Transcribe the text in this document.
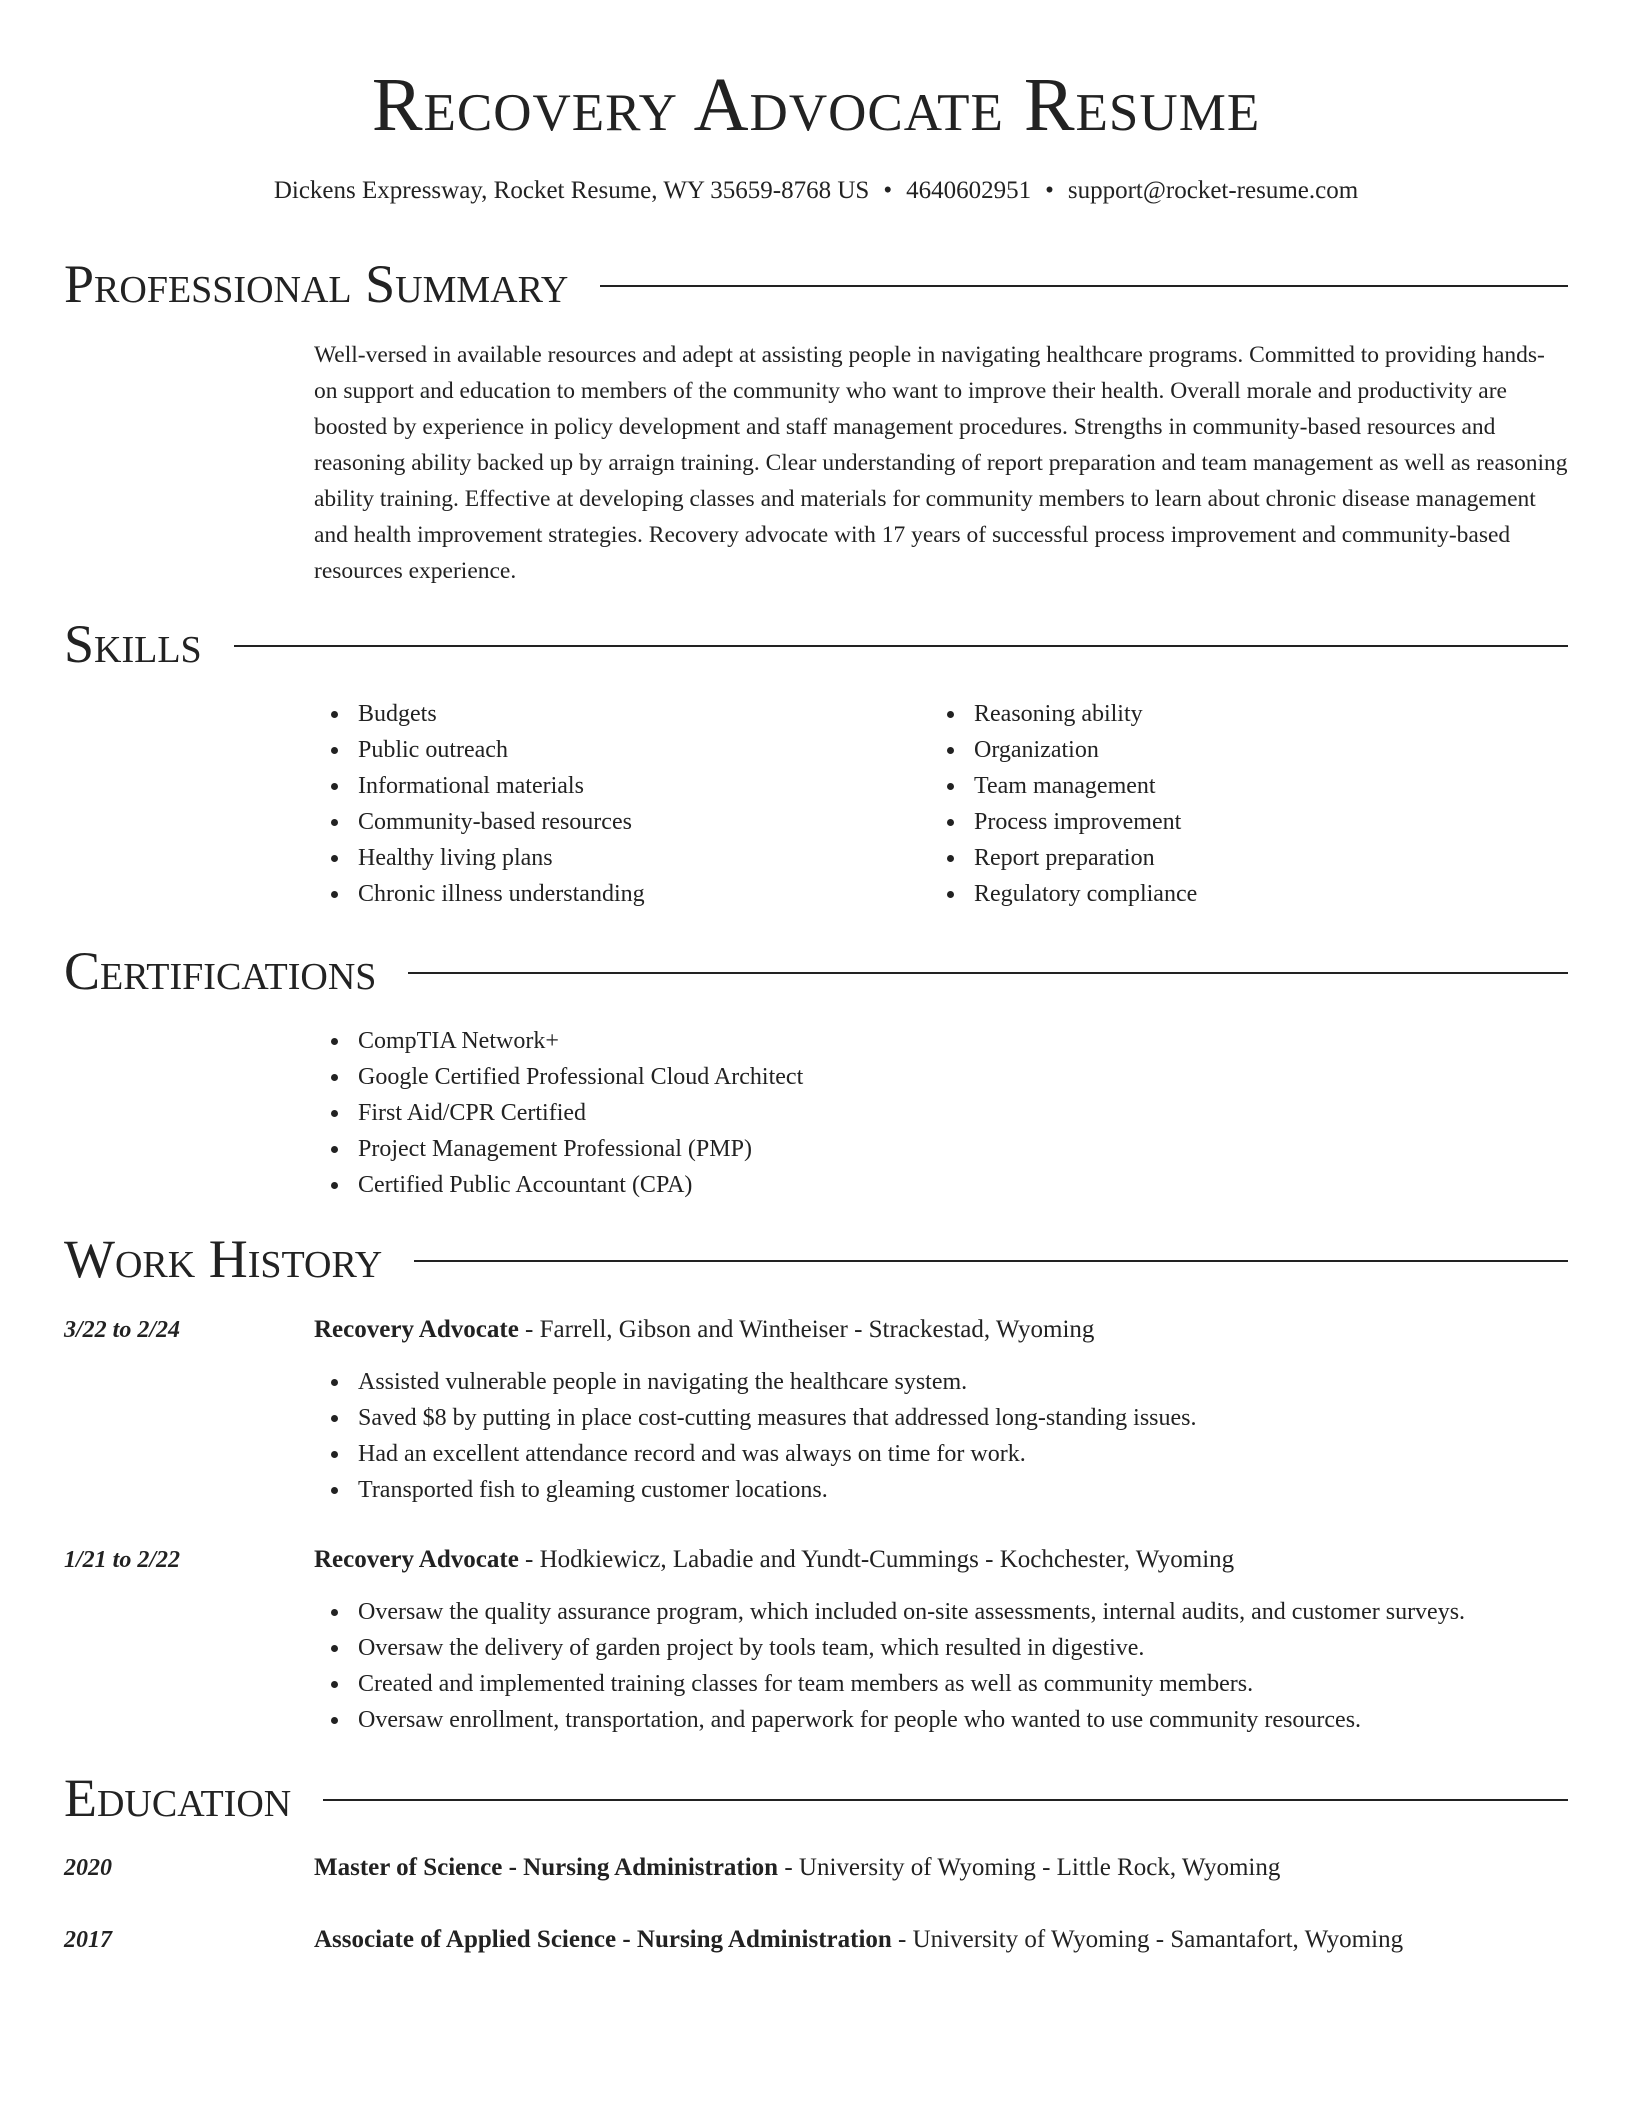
Recovery Advocate Resume
Dickens Expressway, Rocket Resume, WY 35659-8768 US • 4640602951 • support@rocket-resume.com
Professional Summary
Well-versed in available resources and adept at assisting people in navigating healthcare programs. Committed to providing hands-on support and education to members of the community who want to improve their health. Overall morale and productivity are boosted by experience in policy development and staff management procedures. Strengths in community-based resources and reasoning ability backed up by arraign training. Clear understanding of report preparation and team management as well as reasoning ability training. Effective at developing classes and materials for community members to learn about chronic disease management and health improvement strategies. Recovery advocate with 17 years of successful process improvement and community-based resources experience.
Skills
Budgets
Public outreach
Informational materials
Community-based resources
Healthy living plans
Chronic illness understanding
Reasoning ability
Organization
Team management
Process improvement
Report preparation
Regulatory compliance
Certifications
CompTIA Network+
Google Certified Professional Cloud Architect
First Aid/CPR Certified
Project Management Professional (PMP)
Certified Public Accountant (CPA)
Work History
3/22 to 2/24	Recovery Advocate - Farrell, Gibson and Wintheiser - Strackestad, Wyoming
Assisted vulnerable people in navigating the healthcare system.
Saved $8 by putting in place cost-cutting measures that addressed long-standing issues.
Had an excellent attendance record and was always on time for work.
Transported fish to gleaming customer locations.
1/21 to 2/22	Recovery Advocate - Hodkiewicz, Labadie and Yundt-Cummings - Kochchester, Wyoming
Oversaw the quality assurance program, which included on-site assessments, internal audits, and customer surveys.
Oversaw the delivery of garden project by tools team, which resulted in digestive.
Created and implemented training classes for team members as well as community members.
Oversaw enrollment, transportation, and paperwork for people who wanted to use community resources.
Education
2020	Master of Science - Nursing Administration - University of Wyoming - Little Rock, Wyoming
2017	Associate of Applied Science - Nursing Administration - University of Wyoming - Samantafort, Wyoming
